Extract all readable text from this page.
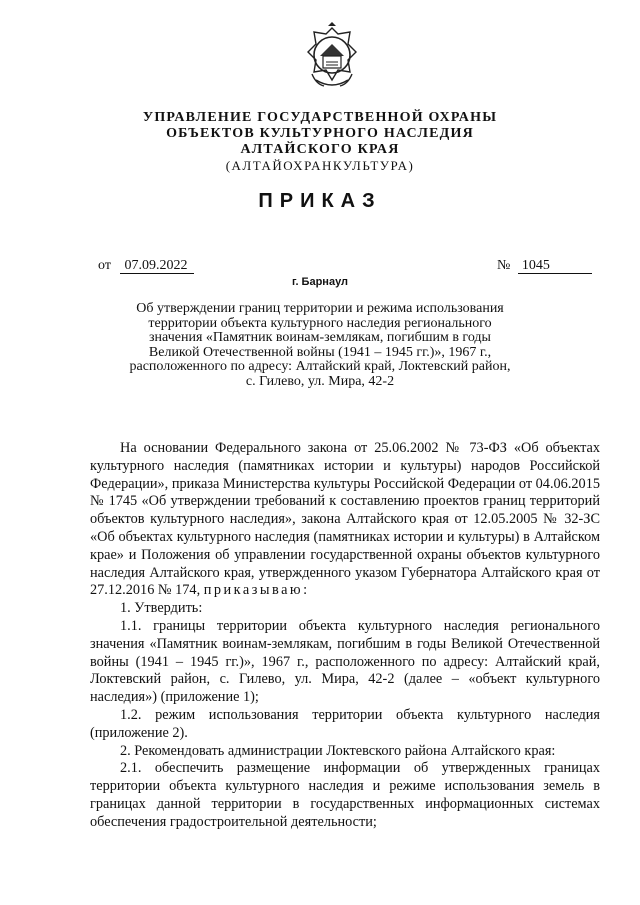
УПРАВЛЕНИЕ ГОСУДАРСТВЕННОЙ ОХРАНЫ
ОБЪЕКТОВ КУЛЬТУРНОГО НАСЛЕДИЯ
АЛТАЙСКОГО КРАЯ
(АЛТАЙОХРАНКУЛЬТУРА)
ПРИКАЗ
от 07.09.2022	№ 1045
г. Барнаул
Об утверждении границ территории и режима использования
территории объекта культурного наследия регионального
значения «Памятник воинам-землякам, погибшим в годы
Великой Отечественной войны (1941 – 1945 гг.)», 1967 г.,
расположенного по адресу: Алтайский край, Локтевский район,
с. Гилево, ул. Мира, 42-2

На основании Федерального закона от 25.06.2002 № 73-ФЗ «Об объектах культурного наследия (памятниках истории и культуры) народов Российской Федерации», приказа Министерства культуры Российской Федерации от 04.06.2015 № 1745 «Об утверждении требований к составлению проектов границ территорий объектов культурного наследия», закона Алтайского края от 12.05.2005 № 32-ЗС «Об объектах культурного наследия (памятниках истории и культуры) в Алтайском крае» и Положения об управлении государственной охраны объектов культурного наследия Алтайского края, утвержденного указом Губернатора Алтайского края от 27.12.2016 № 174, приказываю:

1. Утвердить:

1.1. границы территории объекта культурного наследия регионального значения «Памятник воинам-землякам, погибшим в годы Великой Отечественной войны (1941 – 1945 гг.)», 1967 г., расположенного по адресу: Алтайский край, Локтевский район, с. Гилево, ул. Мира, 42-2 (далее – «объект культурного наследия») (приложение 1);

1.2. режим использования территории объекта культурного наследия (приложение 2).

2. Рекомендовать администрации Локтевского района Алтайского края:

2.1. обеспечить размещение информации об утвержденных границах территории объекта культурного наследия и режиме использования земель в границах данной территории в государственных информационных системах обеспечения градостроительной деятельности;
